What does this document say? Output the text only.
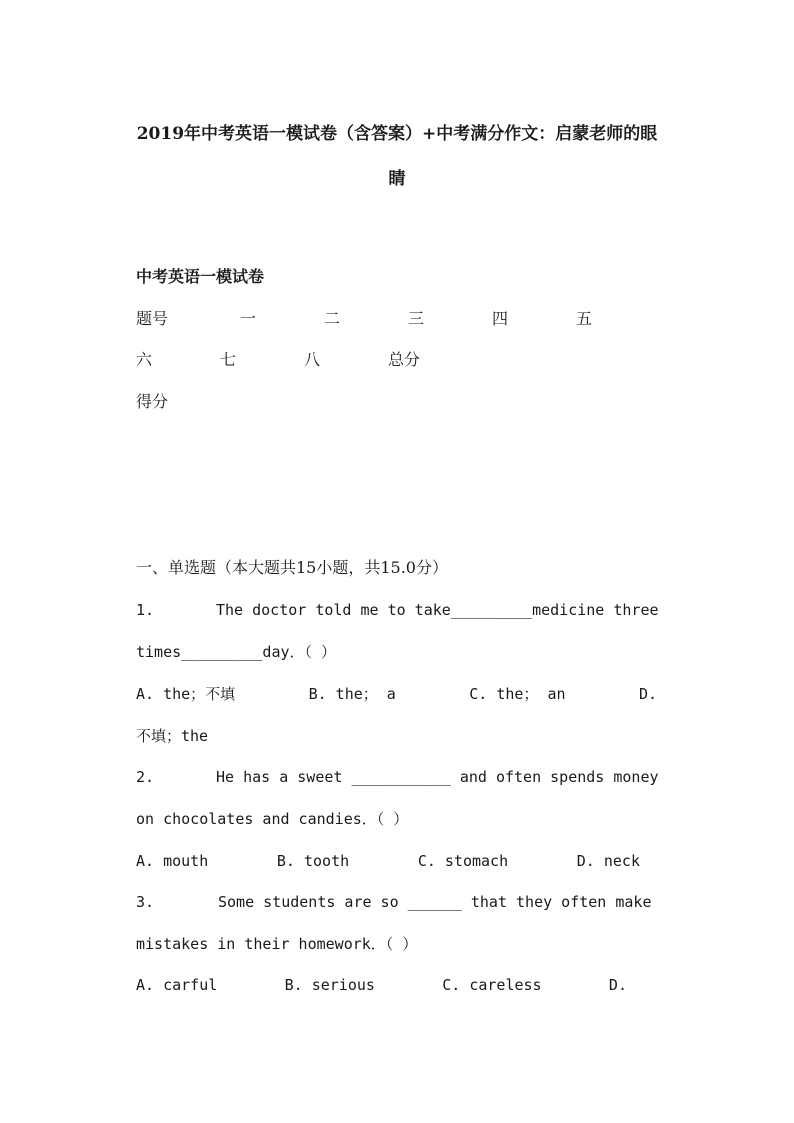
2019年中考英语一模试卷（含答案）+中考满分作文：启蒙老师的眼
睛
中考英语一模试卷
题号	一	二	三	四	五
六	七	八	总分
得分
一、单选题（本大题共15小题，共15.0分）
1.	The doctor told me to take_________medicine three
times_________day．（ ）
A. the；不填	B. the； a	C. the； an	D.
不填；the
2.	He has a sweet ___________ and often spends money
on chocolates and candies．（ ）
A. mouth	B. tooth	C. stomach	D. neck
3.	Some students are so ______ that they often make
mistakes in their homework．（ ）
A. carful	B. serious	C. careless	D.
